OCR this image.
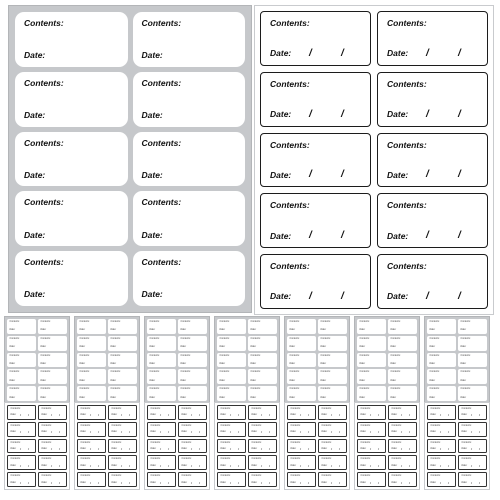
Contents:
Date:
Contents:
Date:
Contents:
Date:
Contents:
Date:
Contents:
Date:
Contents:
Date:
Contents:
Date:
Contents:
Date:
Contents:
Date:
Contents:
Date:
Contents:
Date: /	/
Contents:
Date: /	/
Contents:
Date: /	/
Contents:
Date: /	/
Contents:
Date: /	/
Contents:
Date: /	/
Contents:
Date: /	/
Contents:
Date: /	/
Contents:
Date: /	/
Contents:
Date: /	/
Contents:
Date:
Contents:
Date:
Contents:
Date:
Contents:
Date:
Contents:
Date:
Contents:
Date:
Contents:
Date:
Contents:
Date:
Contents:
Date:
Contents:
Date:
Contents:
Date:
Contents:
Date:
Contents:
Date:
Contents:
Date:
Contents:
Date:
Contents:
Date:
Contents:
Date:
Contents:
Date:
Contents:
Date:
Contents:
Date:
Contents:
Date:
Contents:
Date:
Contents:
Date:
Contents:
Date:
Contents:
Date:
Contents:
Date:
Contents:
Date:
Contents:
Date:
Contents:
Date:
Contents:
Date:
Contents:
Date:
Contents:
Date:
Contents:
Date:
Contents:
Date:
Contents:
Date:
Contents:
Date:
Contents:
Date:
Contents:
Date:
Contents:
Date:
Contents:
Date:
Contents:
Date:
Contents:
Date:
Contents:
Date:
Contents:
Date:
Contents:
Date:
Contents:
Date:
Contents:
Date:
Contents:
Date:
Contents:
Date:
Contents:
Date:
Contents:
Date:
Contents:
Date:
Contents:
Date:
Contents:
Date:
Contents:
Date:
Contents:
Date:
Contents:
Date:
Contents:
Date:
Contents:
Date:
Contents:
Date:
Contents:
Date:
Contents:
Date:
Contents:
Date:
Contents:
Date:
Contents:
Date:
Contents:
Date:
Contents:
Date:
Contents:
Date:
Contents:
Date:
Contents:
Date:
Contents:
Date: / /
Contents:
Date: / /
Contents:
Date: / /
Contents:
Date: / /
Contents:
Date: / /
Contents:
Date: / /
Contents:
Date: / /
Contents:
Date: / /
Contents:
Date: / /
Contents:
Date: / /
Contents:
Date: / /
Contents:
Date: / /
Contents:
Date: / /
Contents:
Date: / /
Contents:
Date: / /
Contents:
Date: / /
Contents:
Date: / /
Contents:
Date: / /
Contents:
Date: / /
Contents:
Date: / /
Contents:
Date: / /
Contents:
Date: / /
Contents:
Date: / /
Contents:
Date: / /
Contents:
Date: / /
Contents:
Date: / /
Contents:
Date: / /
Contents:
Date: / /
Contents:
Date: / /
Contents:
Date: / /
Contents:
Date: / /
Contents:
Date: / /
Contents:
Date: / /
Contents:
Date: / /
Contents:
Date: / /
Contents:
Date: / /
Contents:
Date: / /
Contents:
Date: / /
Contents:
Date: / /
Contents:
Date: / /
Contents:
Date: / /
Contents:
Date: / /
Contents:
Date: / /
Contents:
Date: / /
Contents:
Date: / /
Contents:
Date: / /
Contents:
Date: / /
Contents:
Date: / /
Contents:
Date: / /
Contents:
Date: / /
Contents:
Date: / /
Contents:
Date: / /
Contents:
Date: / /
Contents:
Date: / /
Contents:
Date: / /
Contents:
Date: / /
Contents:
Date: / /
Contents:
Date: / /
Contents:
Date: / /
Contents:
Date: / /
Contents:
Date: / /
Contents:
Date: / /
Contents:
Date: / /
Contents:
Date: / /
Contents:
Date: / /
Contents:
Date: / /
Contents:
Date: / /
Contents:
Date: / /
Contents:
Date: / /
Contents:
Date: / /
